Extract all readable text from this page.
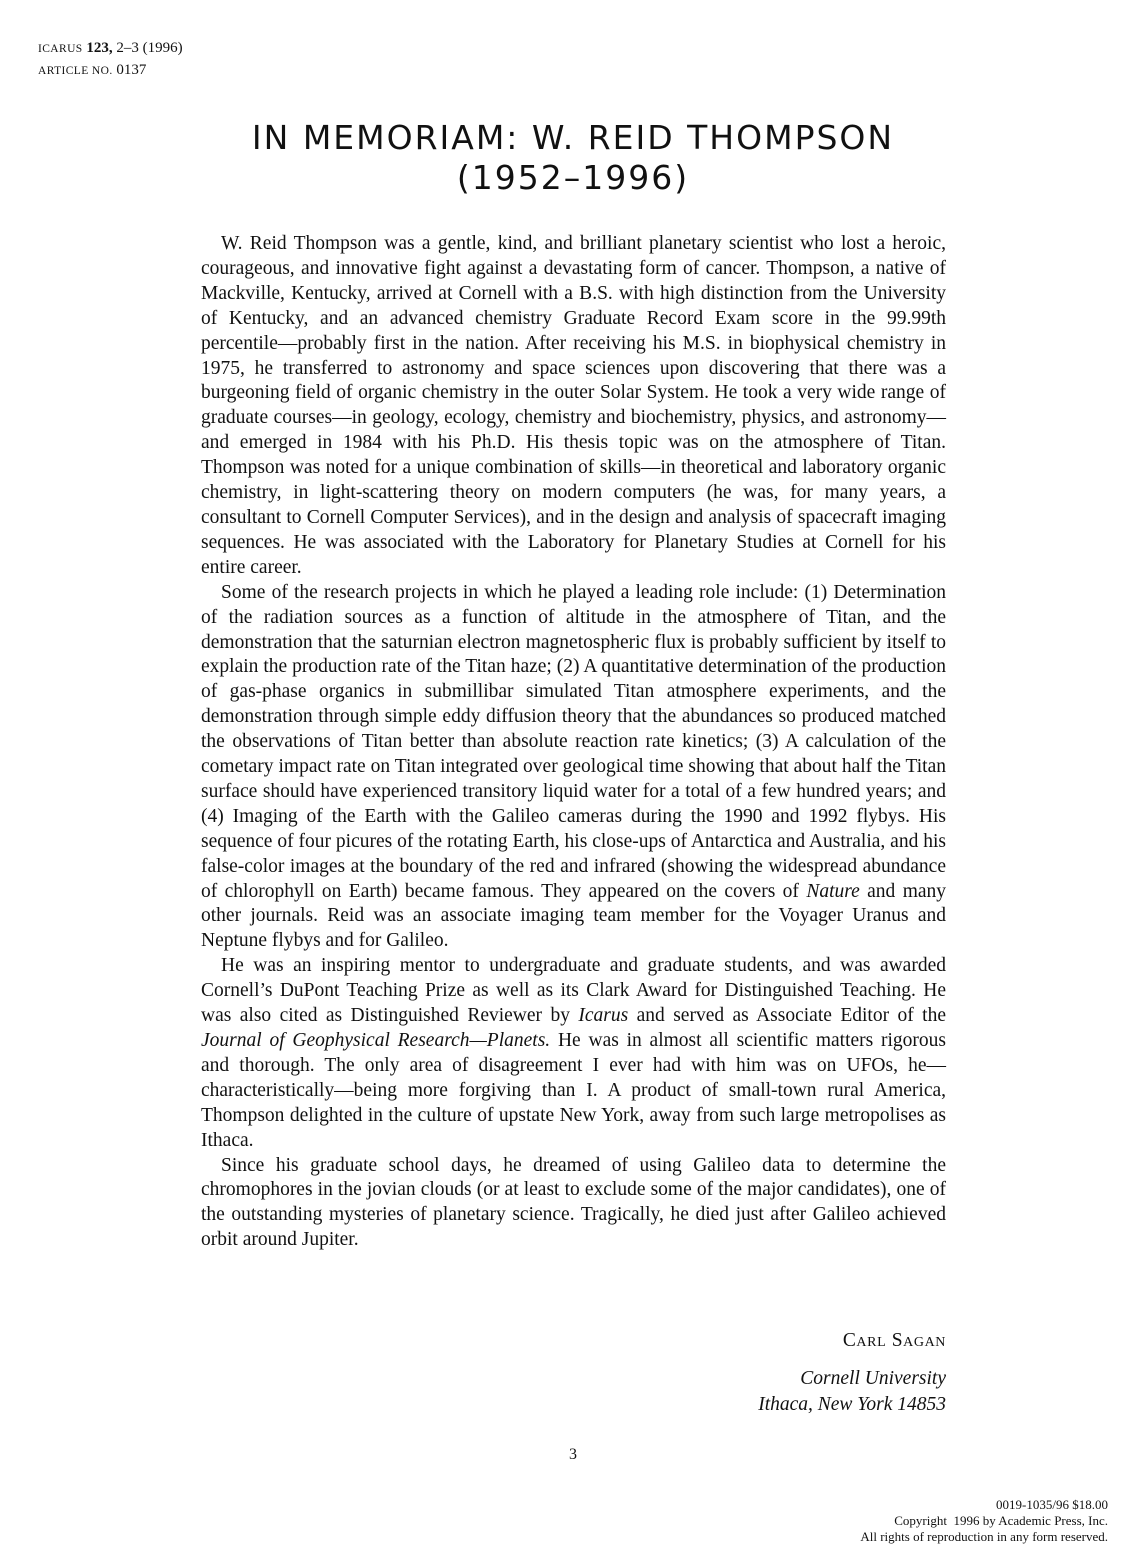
ICARUS 123, 2–3 (1996)
ARTICLE NO. 0137
IN MEMORIAM: W. REID THOMPSON
(1952–1996)

W. Reid Thompson was a gentle, kind, and brilliant planetary scientist who lost a heroic, courageous, and innovative fight against a devastating form of cancer. Thompson, a native of Mackville, Kentucky, arrived at Cornell with a B.S. with high distinction from the University of Kentucky, and an advanced chemistry Graduate Record Exam score in the 99.99th percentile—probably first in the nation. After receiving his M.S. in biophysical chemistry in 1975, he transferred to astronomy and space sciences upon discovering that there was a burgeoning field of organic chemistry in the outer Solar System. He took a very wide range of graduate courses—in geology, ecology, chemistry and biochemistry, physics, and astronomy—and emerged in 1984 with his Ph.D. His thesis topic was on the atmosphere of Titan. Thompson was noted for a unique combination of skills—in theoretical and laboratory organic chemistry, in light-scattering theory on modern computers (he was, for many years, a consultant to Cornell Computer Services), and in the design and analysis of spacecraft imaging sequences. He was associated with the Laboratory for Planetary Studies at Cornell for his entire career.

Some of the research projects in which he played a leading role include: (1) Determination of the radiation sources as a function of altitude in the atmosphere of Titan, and the demonstration that the saturnian electron magnetospheric flux is probably sufficient by itself to explain the production rate of the Titan haze; (2) A quantitative determination of the production of gas-phase organics in submillibar simulated Titan atmosphere experiments, and the demonstration through simple eddy diffusion theory that the abundances so produced matched the observations of Titan better than absolute reaction rate kinetics; (3) A calculation of the cometary impact rate on Titan integrated over geological time showing that about half the Titan surface should have experienced transitory liquid water for a total of a few hundred years; and (4) Imaging of the Earth with the Galileo cameras during the 1990 and 1992 flybys. His sequence of four picures of the rotating Earth, his close-ups of Antarctica and Australia, and his false-color images at the boundary of the red and infrared (showing the widespread abundance of chlorophyll on Earth) became famous. They appeared on the covers of Nature and many other journals. Reid was an associate imaging team member for the Voyager Uranus and Neptune flybys and for Galileo.

He was an inspiring mentor to undergraduate and graduate students, and was awarded Cornell’s DuPont Teaching Prize as well as its Clark Award for Distinguished Teaching. He was also cited as Distinguished Reviewer by Icarus and served as Associate Editor of the Journal of Geophysical Research—Planets. He was in almost all scientific matters rigorous and thorough. The only area of disagreement I ever had with him was on UFOs, he—characteristically—being more forgiving than I. A product of small-town rural America, Thompson delighted in the culture of upstate New York, away from such large metropolises as Ithaca.

Since his graduate school days, he dreamed of using Galileo data to determine the chromophores in the jovian clouds (or at least to exclude some of the major candidates), one of the outstanding mysteries of planetary science. Tragically, he died just after Galileo achieved orbit around Jupiter.

Carl Sagan
Cornell University
Ithaca, New York 14853
3
0019-1035/96 $18.00
Copyright  1996 by Academic Press, Inc.
All rights of reproduction in any form reserved.
